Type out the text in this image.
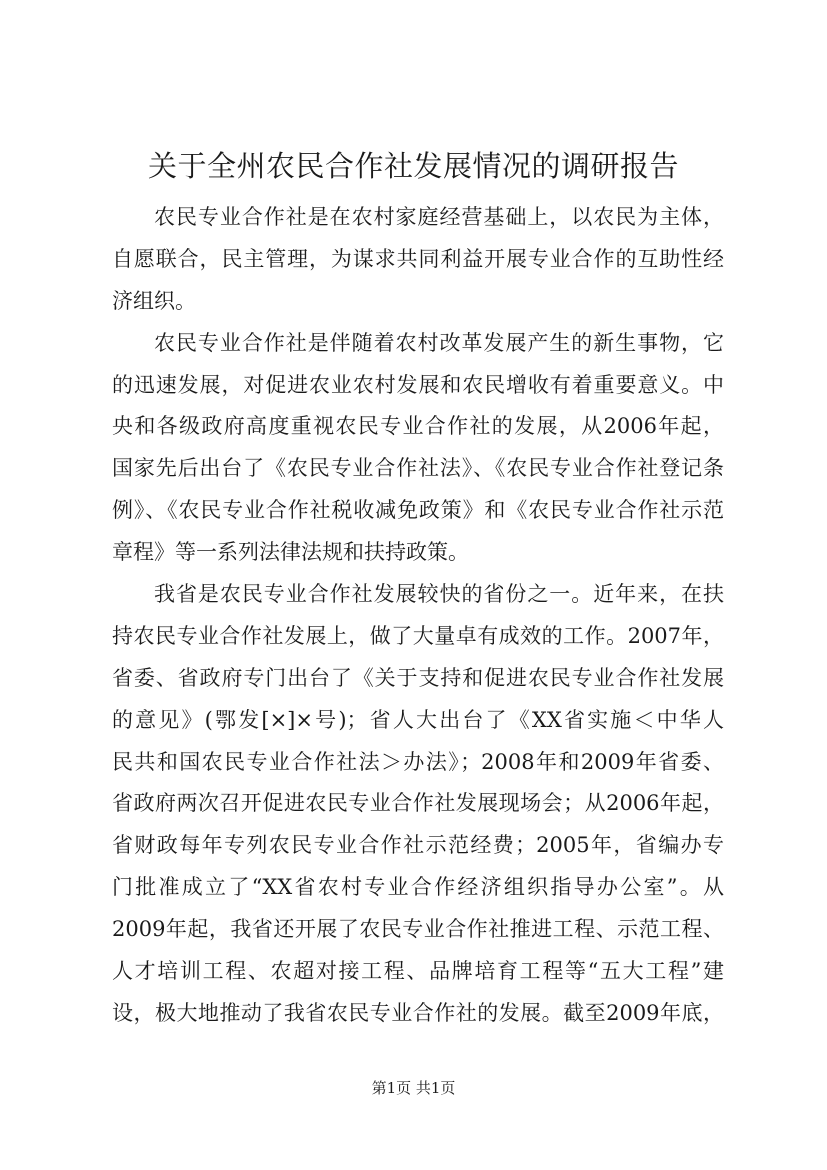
关于全州农民合作社发展情况的调研报告
农民专业合作社是在农村家庭经营基础上，以农民为主体，
自愿联合，民主管理，为谋求共同利益开展专业合作的互助性经
济组织。
农民专业合作社是伴随着农村改革发展产生的新生事物，它
的迅速发展，对促进农业农村发展和农民增收有着重要意义。中
央和各级政府高度重视农民专业合作社的发展，从2006年起，
国家先后出台了《农民专业合作社法》、《农民专业合作社登记条
例》、《农民专业合作社税收减免政策》和《农民专业合作社示范
章程》等一系列法律法规和扶持政策。
我省是农民专业合作社发展较快的省份之一。近年来，在扶
持农民专业合作社发展上，做了大量卓有成效的工作。2007年，
省委、省政府专门出台了《关于支持和促进农民专业合作社发展
的意见》(鄂发[×]×号)；省人大出台了《XX省实施＜中华人
民共和国农民专业合作社法＞办法》；2008年和2009年省委、
省政府两次召开促进农民专业合作社发展现场会；从2006年起，
省财政每年专列农民专业合作社示范经费；2005年，省编办专
门批准成立了“XX省农村专业合作经济组织指导办公室”。从
2009年起，我省还开展了农民专业合作社推进工程、示范工程、
人才培训工程、农超对接工程、品牌培育工程等“五大工程”建
设，极大地推动了我省农民专业合作社的发展。截至2009年底，
第1页 共1页
